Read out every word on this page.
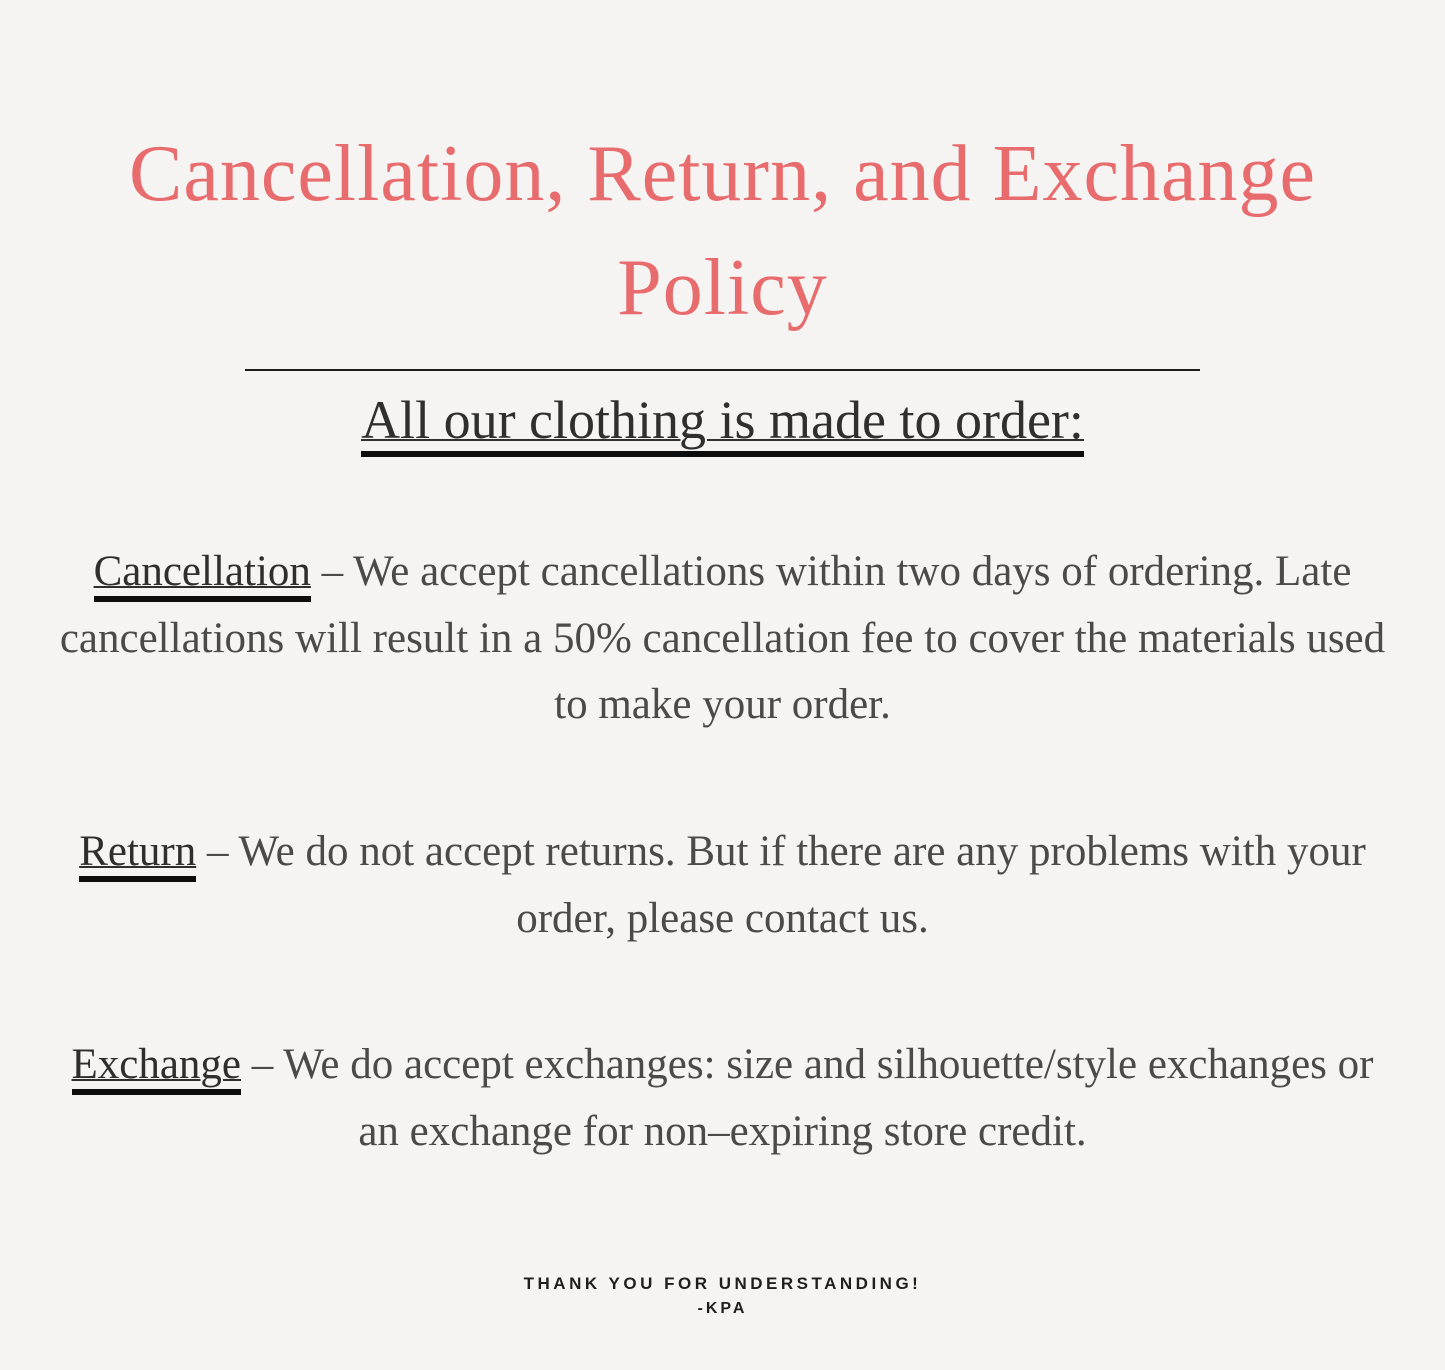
Cancellation, Return, and Exchange
Policy
All our clothing is made to order:

Cancellation – We accept cancellations within two days of ordering. Late cancellations will result in a 50% cancellation fee to cover the materials used to make your order.

Return – We do not accept returns. But if there are any problems with your order, please contact us.

Exchange – We do accept exchanges: size and silhouette/style exchanges or an exchange for non–expiring store credit.

THANK YOU FOR UNDERSTANDING!
-KPA
